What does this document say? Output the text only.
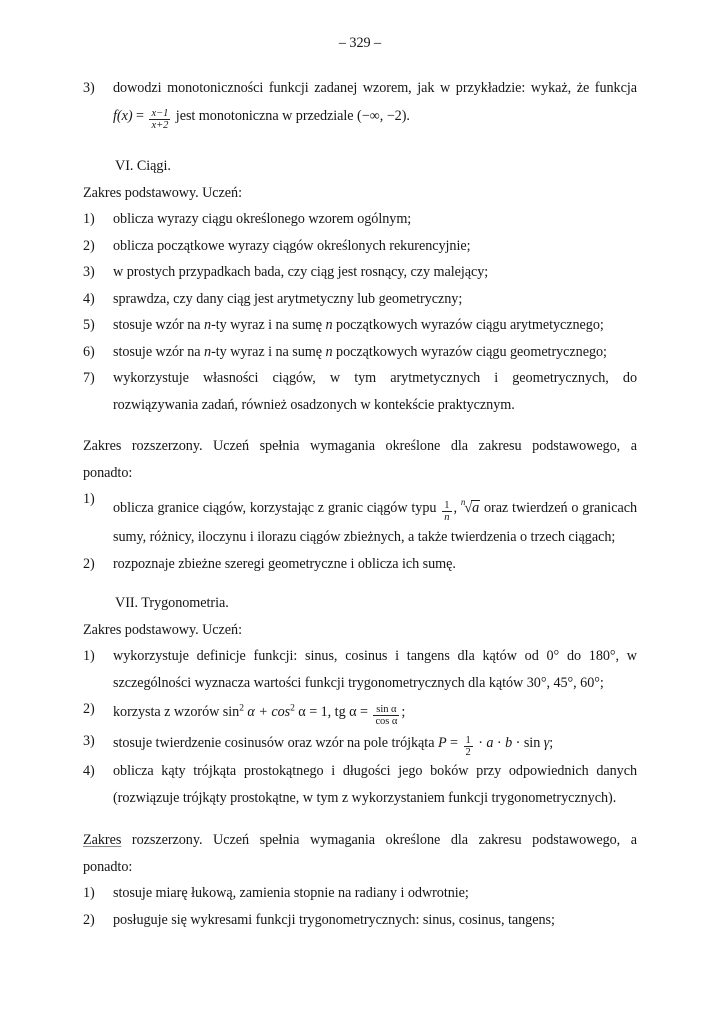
– 329 –
3)	dowodzi monotoniczności funkcji zadanej wzorem, jak w przykładzie: wykaż, że funkcja
$f(x) = \frac{x-1}{x+2}$ jest monotoniczna w przedziale (−∞, −2).
VI. Ciągi.
Zakres podstawowy. Uczeń:
1)	oblicza wyrazy ciągu określonego wzorem ogólnym;
2)	oblicza początkowe wyrazy ciągów określonych rekurencyjnie;
3)	w prostych przypadkach bada, czy ciąg jest rosnący, czy malejący;
4)	sprawdza, czy dany ciąg jest arytmetyczny lub geometryczny;
5)	stosuje wzór na n-ty wyraz i na sumę n początkowych wyrazów ciągu arytmetycznego;
6)	stosuje wzór na n-ty wyraz i na sumę n początkowych wyrazów ciągu geometrycznego;
7)	wykorzystuje własności ciągów, w tym arytmetycznych i geometrycznych, do
rozwiązywania zadań, również osadzonych w kontekście praktycznym.
Zakres rozszerzony. Uczeń spełnia wymagania określone dla zakresu podstawowego, a
ponadto:
1)
oblicza granice ciągów, korzystając z granic ciągów typu $\frac{1}{n}$ , $^n$√a oraz twierdzeń o granicach
sumy, różnicy, iloczynu i ilorazu ciągów zbieżnych, a także twierdzenia o trzech ciągach;
2)	rozpoznaje zbieżne szeregi geometryczne i oblicza ich sumę.
VII. Trygonometria.
Zakres podstawowy. Uczeń:
1)	wykorzystuje definicje funkcji: sinus, cosinus i tangens dla kątów od 0° do 180°, w
szczególności wyznacza wartości funkcji trygonometrycznych dla kątów 30°, 45°, 60°;
2)	korzysta z wzorów $\sin^2 \alpha + \cos^2 \alpha = 1$, tg $\alpha = \frac{\text{sin α}}{\text{cos α}}$ ;
3)	stosuje twierdzenie cosinusów oraz wzór na pole trójkąta $P = \frac{1}{2} \cdot a \cdot b \cdot \sin \gamma$;
4)	oblicza kąty trójkąta prostokątnego i długości jego boków przy odpowiednich danych
(rozwiązuje trójkąty prostokątne, w tym z wykorzystaniem funkcji trygonometrycznych).
Zakres rozszerzony. Uczeń spełnia wymagania określone dla zakresu podstawowego, a
ponadto:
1)	stosuje miarę łukową, zamienia stopnie na radiany i odwrotnie;
2)	posługuje się wykresami funkcji trygonometrycznych: sinus, cosinus, tangens;
